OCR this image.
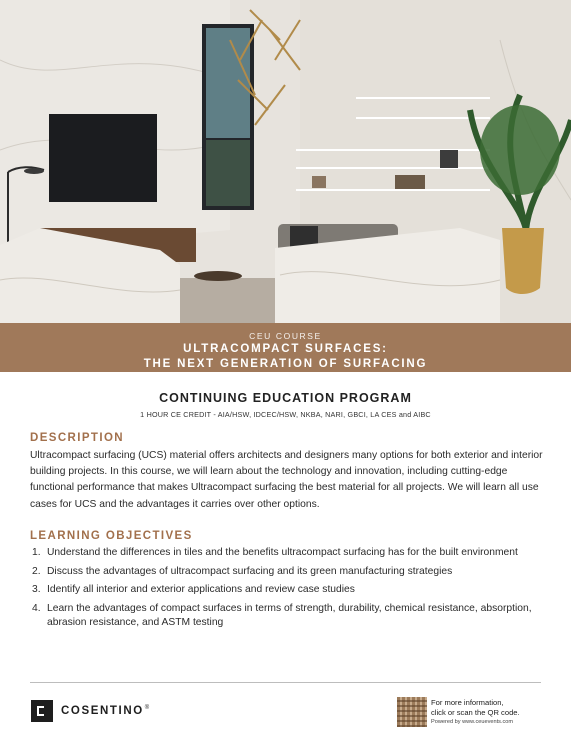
CEU COURSE
ULTRACOMPACT SURFACES:
THE NEXT GENERATION OF SURFACING
CONTINUING EDUCATION PROGRAM
1 HOUR CE CREDIT - AIA/HSW, IDCEC/HSW, NKBA, NARI, GBCI, LA CES and AIBC
DESCRIPTION
Ultracompact surfacing (UCS) material offers architects and designers many options for both exterior and interior building projects. In this course, we will learn about the technology and innovation, including cutting-edge functional performance that makes Ultracompact surfacing the best material for all projects. We will learn all use cases for UCS and the advantages it carries over other options.
LEARNING OBJECTIVES
1. Understand the differences in tiles and the benefits ultracompact surfacing has for the built environment
2. Discuss the advantages of ultracompact surfacing and its green manufacturing strategies
3. Identify all interior and exterior applications and review case studies
4. Learn the advantages of compact surfaces in terms of strength, durability, chemical resistance, absorption, abrasion resistance, and ASTM testing
COSENTINO ®
For more information,
click or scan the QR code.
Powered by www.ceuevents.com
